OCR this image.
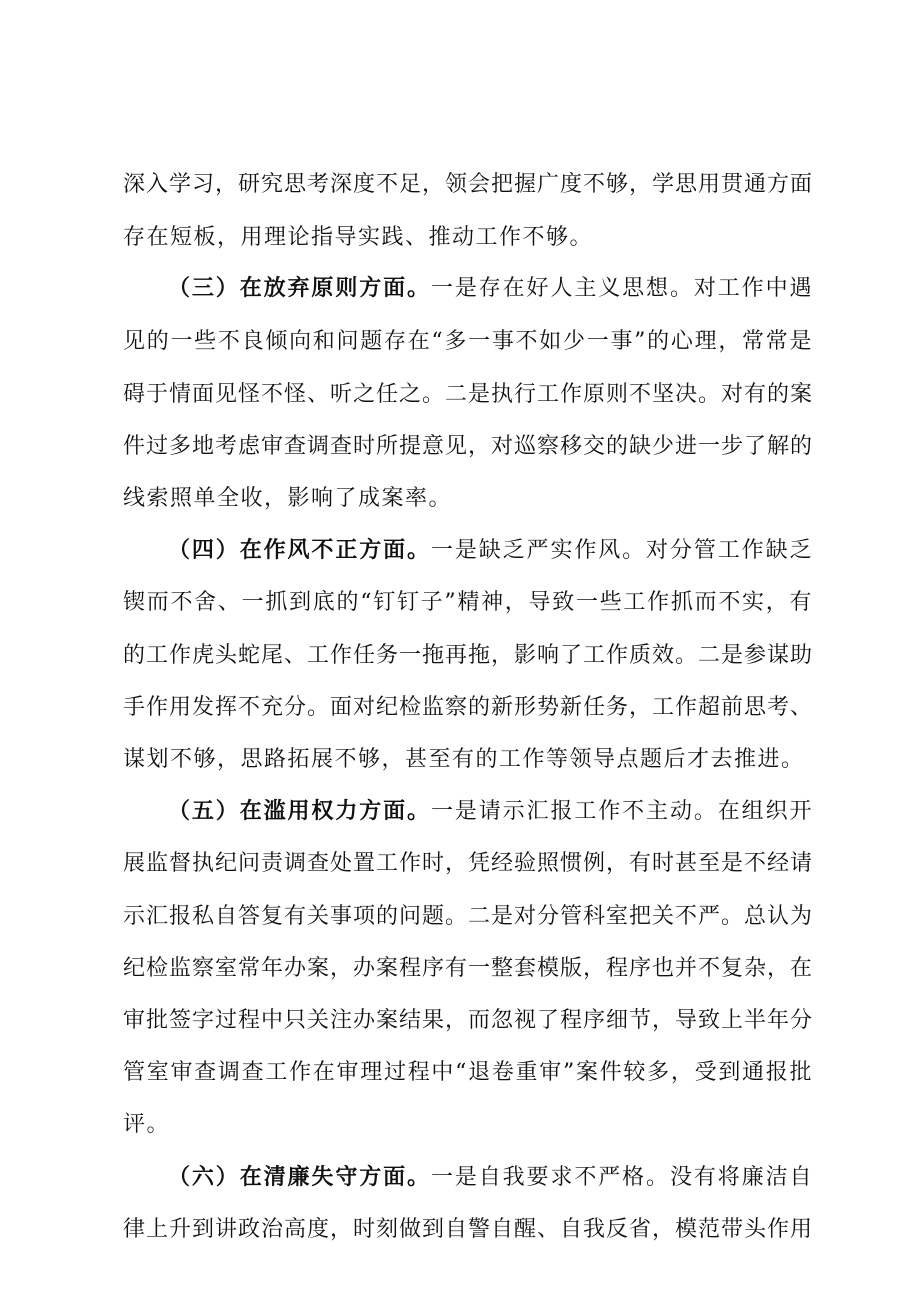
深入学习，研究思考深度不足，领会把握广度不够，学思用贯通方面
存在短板，用理论指导实践、推动工作不够。
（三）在放弃原则方面。一是存在好人主义思想。对工作中遇
见的一些不良倾向和问题存在“多一事不如少一事”的心理，常常是
碍于情面见怪不怪、听之任之。二是执行工作原则不坚决。对有的案
件过多地考虑审查调查时所提意见，对巡察移交的缺少进一步了解的
线索照单全收，影响了成案率。
（四）在作风不正方面。一是缺乏严实作风。对分管工作缺乏
锲而不舍、一抓到底的“钉钉子”精神，导致一些工作抓而不实，有
的工作虎头蛇尾、工作任务一拖再拖，影响了工作质效。二是参谋助
手作用发挥不充分。面对纪检监察的新形势新任务，工作超前思考、
谋划不够，思路拓展不够，甚至有的工作等领导点题后才去推进。
（五）在滥用权力方面。一是请示汇报工作不主动。在组织开
展监督执纪问责调查处置工作时，凭经验照惯例，有时甚至是不经请
示汇报私自答复有关事项的问题。二是对分管科室把关不严。总认为
纪检监察室常年办案，办案程序有一整套模版，程序也并不复杂，在
审批签字过程中只关注办案结果，而忽视了程序细节，导致上半年分
管室审查调查工作在审理过程中“退卷重审”案件较多，受到通报批
评。
（六）在清廉失守方面。一是自我要求不严格。没有将廉洁自
律上升到讲政治高度，时刻做到自警自醒、自我反省，模范带头作用
